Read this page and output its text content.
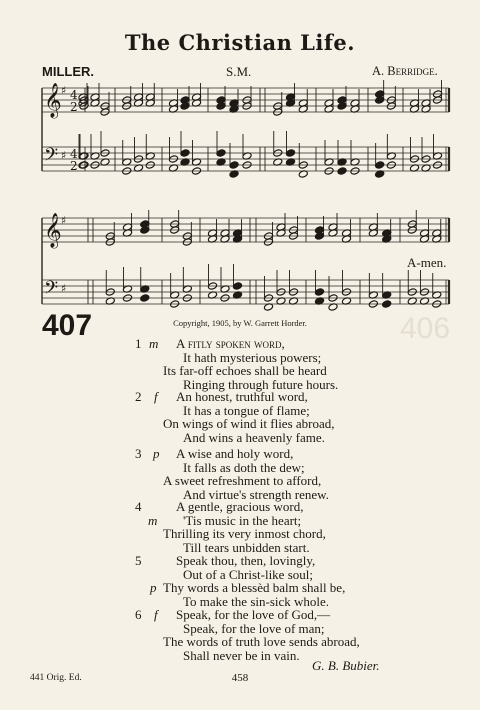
The Christian Life.
MILLER.	S.M.	A. Berridge.
𝄞
𝄢
♯
♯
4
2
4
2
𝄞
𝄢
♯
♯
A-men.
407	406
Copyright, 1905, by W. Garrett Horder.
1 m A fitly spoken word,
It hath mysterious powers;
Its far-off echoes shall be heard
Ringing through future hours.
2 f An honest, truthful word,
It has a tongue of flame;
On wings of wind it flies abroad,
And wins a heavenly fame.
3 p A wise and holy word,
It falls as doth the dew;
A sweet refreshment to afford,
And virtue's strength renew.
4
m
A gentle, gracious word,
'Tis music in the heart;
Thrilling its very inmost chord,
Till tears unbidden start.
5
p
Speak thou, then, lovingly,
Out of a Christ-like soul;
Thy words a blessèd balm shall be,
To make the sin-sick whole.
6 f Speak, for the love of God,—
Speak, for the love of man;
The words of truth love sends abroad,
Shall never be in vain.
G. B. Bubier.
441 Orig. Ed.	458
